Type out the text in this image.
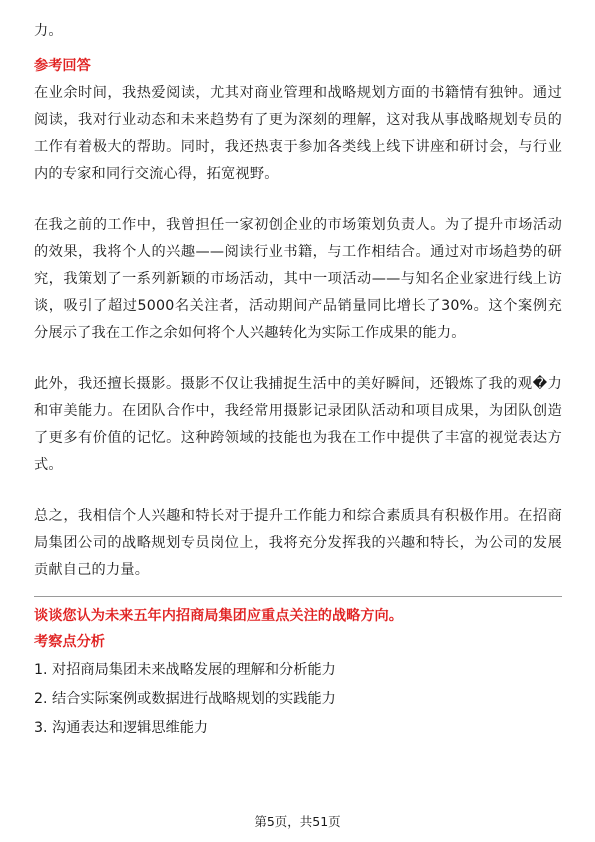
力。

参考回答

在业余时间，我热爱阅读，尤其对商业管理和战略规划方面的书籍情有独钟。通过阅读，我对行业动态和未来趋势有了更为深刻的理解，这对我从事战略规划专员的工作有着极大的帮助。同时，我还热衷于参加各类线上线下讲座和研讨会，与行业内的专家和同行交流心得，拓宽视野。

在我之前的工作中，我曾担任一家初创企业的市场策划负责人。为了提升市场活动的效果，我将个人的兴趣——阅读行业书籍，与工作相结合。通过对市场趋势的研究，我策划了一系列新颖的市场活动，其中一项活动——与知名企业家进行线上访谈，吸引了超过5000名关注者，活动期间产品销量同比增长了30%。这个案例充分展示了我在工作之余如何将个人兴趣转化为实际工作成果的能力。

此外，我还擅长摄影。摄影不仅让我捕捉生活中的美好瞬间，还锻炼了我的观�力和审美能力。在团队合作中，我经常用摄影记录团队活动和项目成果，为团队创造了更多有价值的记忆。这种跨领域的技能也为我在工作中提供了丰富的视觉表达方式。

总之，我相信个人兴趣和特长对于提升工作能力和综合素质具有积极作用。在招商局集团公司的战略规划专员岗位上，我将充分发挥我的兴趣和特长，为公司的发展贡献自己的力量。

谈谈您认为未来五年内招商局集团应重点关注的战略方向。

考察点分析

1. 对招商局集团未来战略发展的理解和分析能力

2. 结合实际案例或数据进行战略规划的实践能力

3. 沟通表达和逻辑思维能力

第5页，共51页
